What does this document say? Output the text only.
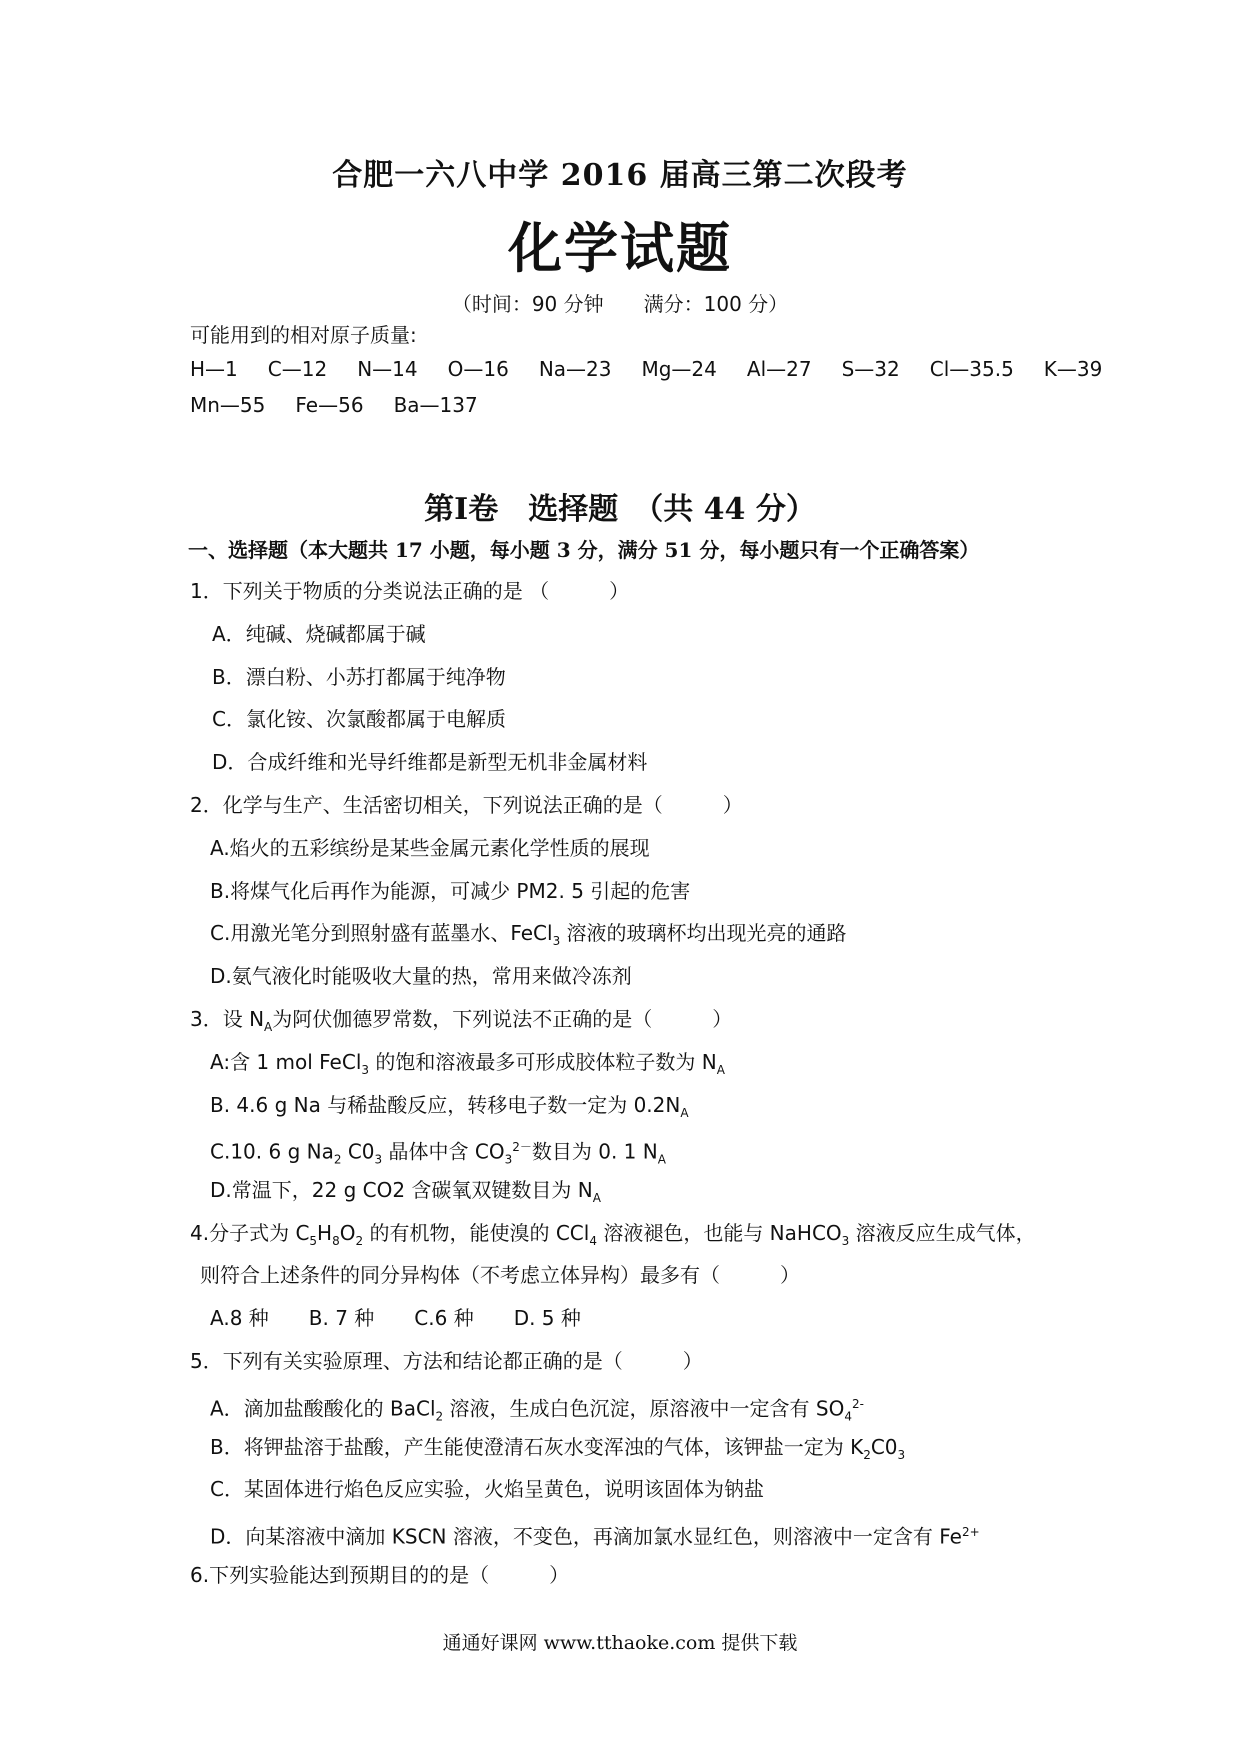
合肥一六八中学 2016 届高三第二次段考
化学试题
（时间：90 分钟 满分：100 分）
可能用到的相对原子质量:
H—1 C—12 N—14 O—16 Na—23 Mg—24 Al—27 S—32 Cl—35.5 K—39
Mn—55 Fe—56 Ba—137
第Ⅰ卷　选择题　（共 44 分）
一、选择题（本大题共 17 小题，每小题 3 分，满分 51 分，每小题只有一个正确答案）
1．下列关于物质的分类说法正确的是 （　　　）
A．纯碱、烧碱都属于碱
B．漂白粉、小苏打都属于纯净物
C．氯化铵、次氯酸都属于电解质
D．合成纤维和光导纤维都是新型无机非金属材料
2．化学与生产、生活密切相关，下列说法正确的是（　　　）
A.焰火的五彩缤纷是某些金属元素化学性质的展现
B.将煤气化后再作为能源，可减少 PM2. 5 引起的危害
C.用激光笔分到照射盛有蓝墨水、FeCl$_3$ 溶液的玻璃杯均出现光亮的通路
D.氨气液化时能吸收大量的热，常用来做冷冻剂
3．设 $N_A$为阿伏伽德罗常数，下列说法不正确的是（　　　）
A:含 1 mol FeCl$_3$ 的饱和溶液最多可形成胶体粒子数为 $N_A$
B. 4.6 g Na 与稀盐酸反应，转移电子数一定为 $0.2N_A$
C.10. 6 g $Na_2$ $C0_3$ 晶体中含 $CO_3^{2-}$数目为 0. 1 $N_A$
D.常温下，22 g CO2 含碳氧双键数目为 $N_A$
4.分子式为 $C_5H_8O_2$ 的有机物，能使溴的 CCl$_4$ 溶液褪色，也能与 NaHCO$_3$ 溶液反应生成气体，
则符合上述条件的同分异构体（不考虑立体异构）最多有（　　　）
A.8 种　　B. 7 种　　C.6 种　　D. 5 种
5．下列有关实验原理、方法和结论都正确的是（　　　）
A．滴加盐酸酸化的 BaCl$_2$ 溶液，生成白色沉淀，原溶液中一定含有 $SO_4^{2-}$
B．将钾盐溶于盐酸，产生能使澄清石灰水变浑浊的气体，该钾盐一定为 $K_2C0_3$
C．某固体进行焰色反应实验，火焰呈黄色，说明该固体为钠盐
D．向某溶液中滴加 KSCN 溶液，不变色，再滴加氯水显红色，则溶液中一定含有 $Fe^{2+}$
6.下列实验能达到预期目的的是（　　　）
通通好课网 www.tthaoke.com 提供下载
